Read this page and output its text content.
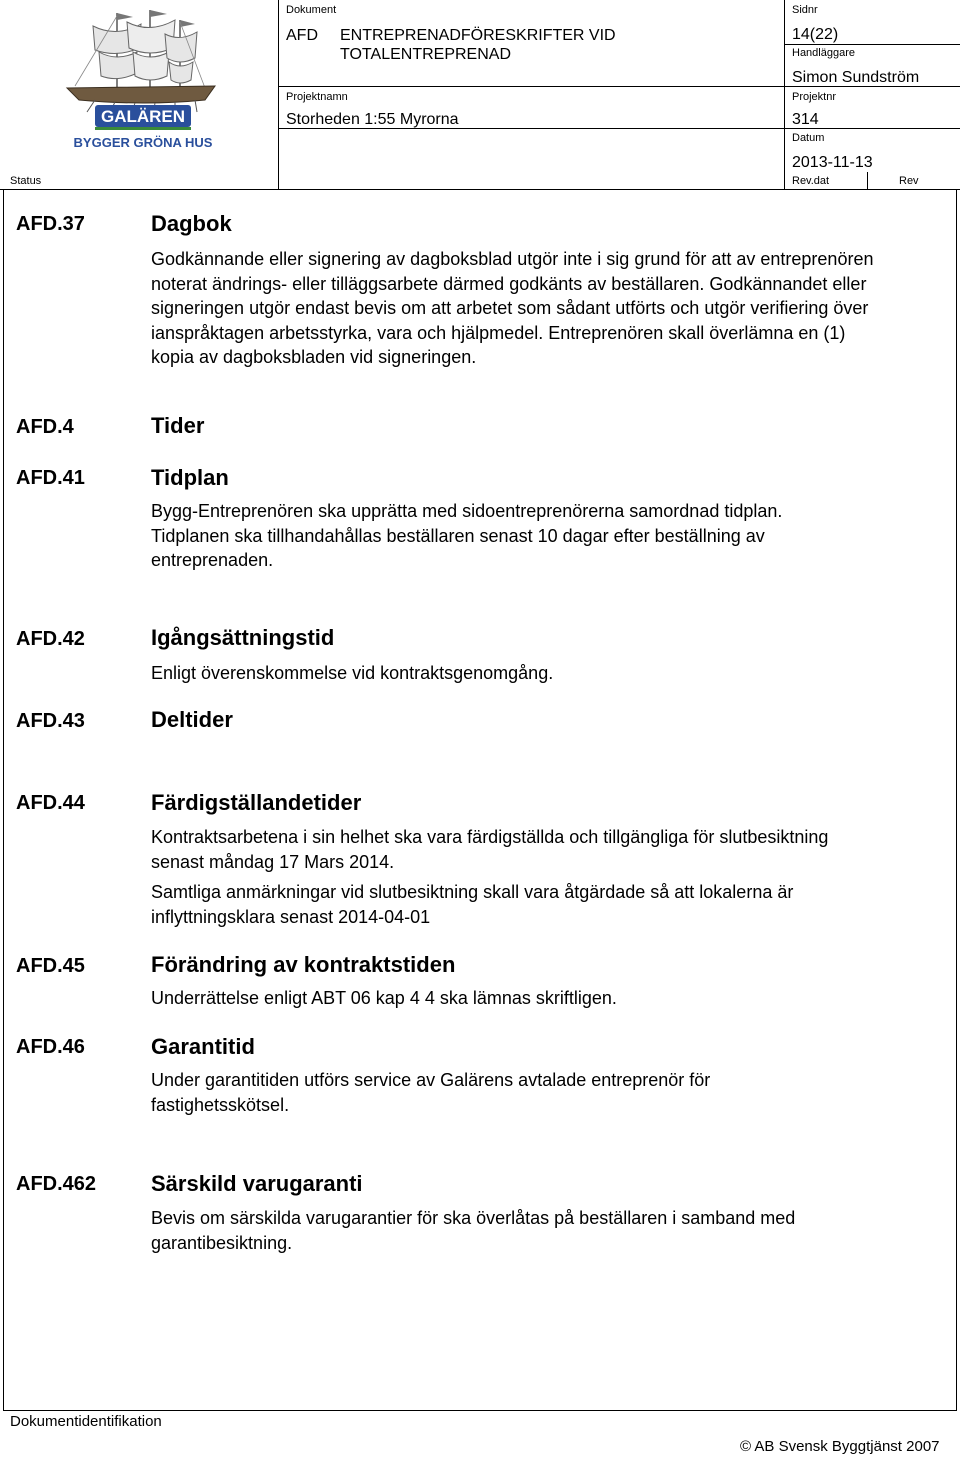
GALÄREN
BYGGER GRÖNA HUS
Dokument
AFD ENTREPRENADFÖRESKRIFTER VID
TOTALENTREPRENAD
Projektnamn
Storheden 1:55 Myrorna
Sidnr
14(22)
Handläggare
Simon Sundström
Projektnr
314
Datum
2013-11-13
Status	Rev.dat	Rev
AFD.37	Dagbok
Godkännande eller signering av dagboksblad utgör inte i sig grund för att av entreprenören noterat ändrings- eller tilläggsarbete därmed godkänts av beställaren. Godkännandet eller signeringen utgör endast bevis om att arbetet som sådant utförts och utgör verifiering över ianspråktagen arbetsstyrka, vara och hjälpmedel. Entreprenören skall överlämna en (1) kopia av dagboksbladen vid signeringen.
AFD.4	Tider
AFD.41	Tidplan
Bygg-Entreprenören ska upprätta med sidoentreprenörerna samordnad tidplan. Tidplanen ska tillhandahållas beställaren senast 10 dagar efter beställning av entreprenaden.
AFD.42	Igångsättningstid
Enligt överenskommelse vid kontraktsgenomgång.
AFD.43	Deltider
AFD.44	Färdigställandetider
Kontraktsarbetena i sin helhet ska vara färdigställda och tillgängliga för slutbesiktning senast måndag 17 Mars 2014.
Samtliga anmärkningar vid slutbesiktning skall vara åtgärdade så att lokalerna är inflyttningsklara senast 2014-04-01
AFD.45	Förändring av kontraktstiden
Underrättelse enligt ABT 06 kap 4 4 ska lämnas skriftligen.
AFD.46	Garantitid
Under garantitiden utförs service av Galärens avtalade entreprenör för fastighetsskötsel.
AFD.462 Särskild varugaranti
Bevis om särskilda varugarantier för ska överlåtas på beställaren i samband med garantibesiktning.
Dokumentidentifikation
© AB Svensk Byggtjänst 2007
